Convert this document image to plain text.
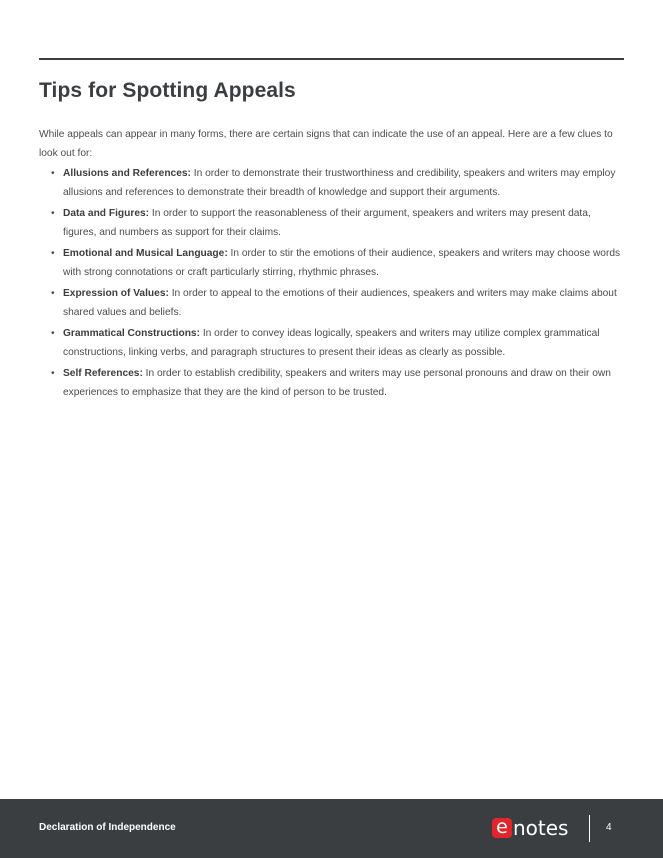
Tips for Spotting Appeals

While appeals can appear in many forms, there are certain signs that can indicate the use of an appeal. Here are a few clues to look out for:

• Allusions and References: In order to demonstrate their trustworthiness and credibility, speakers and writers may employ allusions and references to demonstrate their breadth of knowledge and support their arguments.
• Data and Figures: In order to support the reasonableness of their argument, speakers and writers may present data, figures, and numbers as support for their claims.
• Emotional and Musical Language: In order to stir the emotions of their audience, speakers and writers may choose words with strong connotations or craft particularly stirring, rhythmic phrases.
• Expression of Values: In order to appeal to the emotions of their audiences, speakers and writers may make claims about shared values and beliefs.
• Grammatical Constructions: In order to convey ideas logically, speakers and writers may utilize complex grammatical constructions, linking verbs, and paragraph structures to present their ideas as clearly as possible.
• Self References: In order to establish credibility, speakers and writers may use personal pronouns and draw on their own experiences to emphasize that they are the kind of person to be trusted.
Declaration of Independence	e notes	4
